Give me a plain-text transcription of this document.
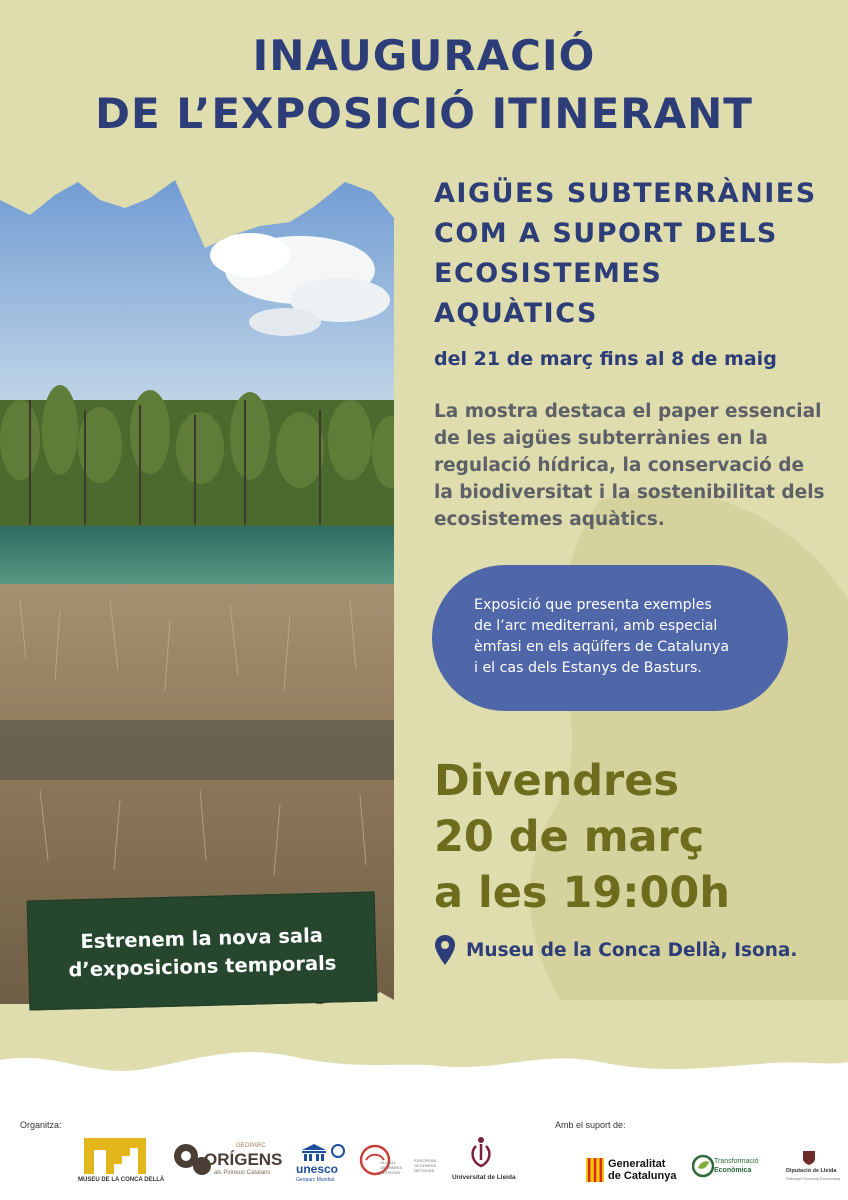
INAUGURACIÓ
DE L’EXPOSICIÓ ITINERANT
AIGÜES SUBTERRÀNIES
COM A SUPORT DELS
ECOSISTEMES
AQUÀTICS
del 21 de març fins al 8 de maig
La mostra destaca el paper essencial
de les aigües subterrànies en la
regulació hídrica, la conservació de
la biodiversitat i la sostenibilitat dels
ecosistemes aquàtics.
Exposició que presenta exemples
de l’arc mediterrani, amb especial
èmfasi en els aqüífers de Catalunya
i el cas dels Estanys de Basturs.
Divendres
20 de març
a les 19:00h
Museu de la Conca Dellà, Isona.
Estrenem la nova sala
d’exposicions temporals
Organitza:	Amb el suport de:
MUSEU DE LA CONCA DELLÀ
ORÍGENS
GEOPARC
als Pirineus Catalans unesco
Geoparc Mundial
GLOBAL GEOPARKS NETWORK
EUROPEAN GEOPARKS NETWORK
Universitat de Lleida
Generalitat
de Catalunya
Transformació
Econòmica	Diputació de Lleida
Patronat Promoció Econòmica
